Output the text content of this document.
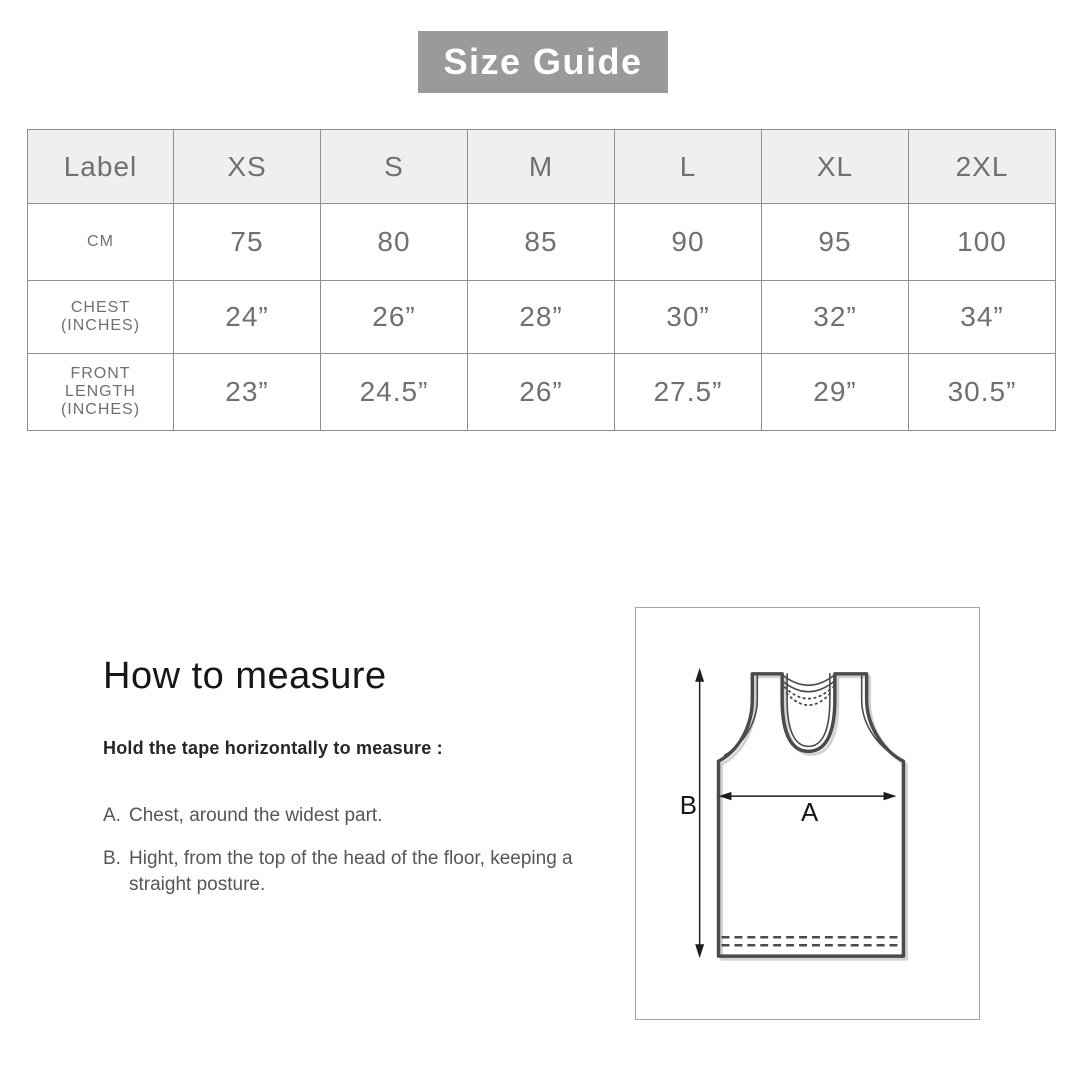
Size Guide
Label	XS	S	M	L	XL	2XL

CM	75	80	85	90	95	100

CHEST
(INCHES)	24”	26”	28”	30”	32”	34”

FRONT
LENGTH
(INCHES)	23”	24.5”	26”	27.5”	29”	30.5”
How to measure
Hold the tape horizontally to measure :
A. Chest, around the widest part.
B. Hight, from the top of the head of the floor, keeping a straight posture.
B	A
